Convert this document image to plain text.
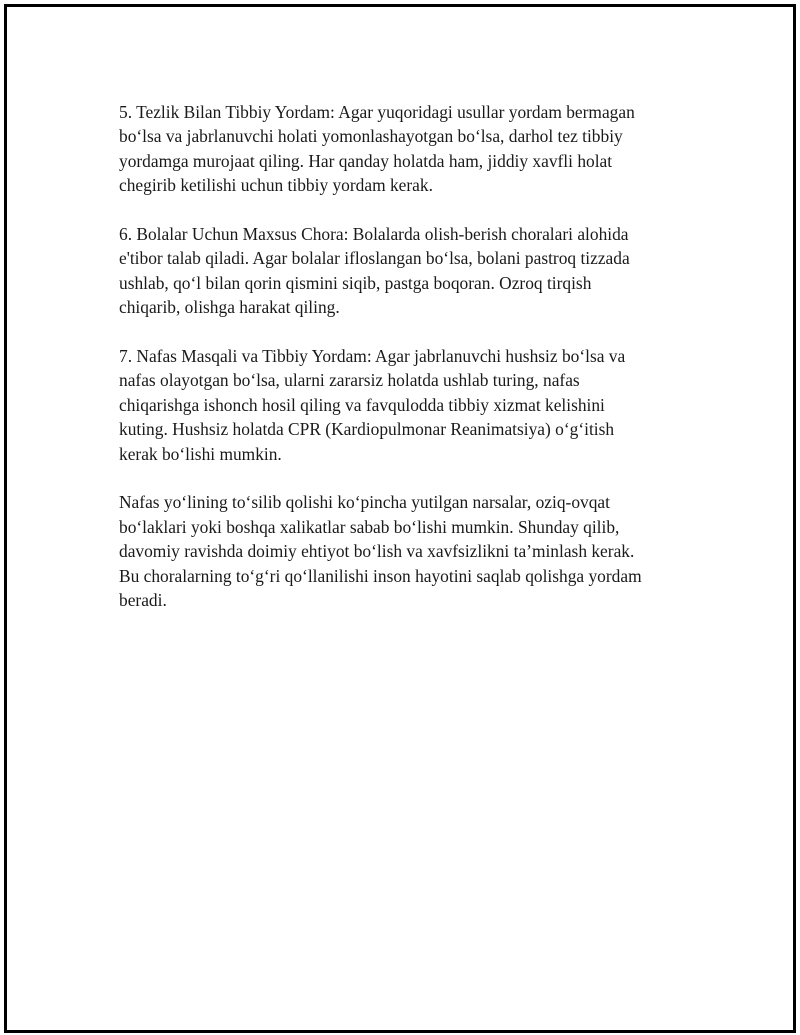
5. Tezlik Bilan Tibbiy Yordam: Agar yuqoridagi usullar yordam bermagan
boʻlsa va jabrlanuvchi holati yomonlashayotgan boʻlsa, darhol tez tibbiy
yordamga murojaat qiling. Har qanday holatda ham, jiddiy xavfli holat
chegirib ketilishi uchun tibbiy yordam kerak.

6. Bolalar Uchun Maxsus Chora: Bolalarda olish-berish choralari alohida
e'tibor talab qiladi. Agar bolalar ifloslangan boʻlsa, bolani pastroq tizzada
ushlab, qoʻl bilan qorin qismini siqib, pastga boqoran. Ozroq tirqish
chiqarib, olishga harakat qiling.

7. Nafas Masqali va Tibbiy Yordam: Agar jabrlanuvchi hushsiz boʻlsa va
nafas olayotgan boʻlsa, ularni zararsiz holatda ushlab turing, nafas
chiqarishga ishonch hosil qiling va favqulodda tibbiy xizmat kelishini
kuting. Hushsiz holatda CPR (Kardiopulmonar Reanimatsiya) oʻgʻitish
kerak boʻlishi mumkin.

Nafas yoʻlining toʻsilib qolishi koʻpincha yutilgan narsalar, oziq-ovqat
boʻlaklari yoki boshqa xalikatlar sabab boʻlishi mumkin. Shunday qilib,
davomiy ravishda doimiy ehtiyot boʻlish va xavfsizlikni ta’minlash kerak.
Bu choralarning toʻgʻri qoʻllanilishi inson hayotini saqlab qolishga yordam
beradi.
